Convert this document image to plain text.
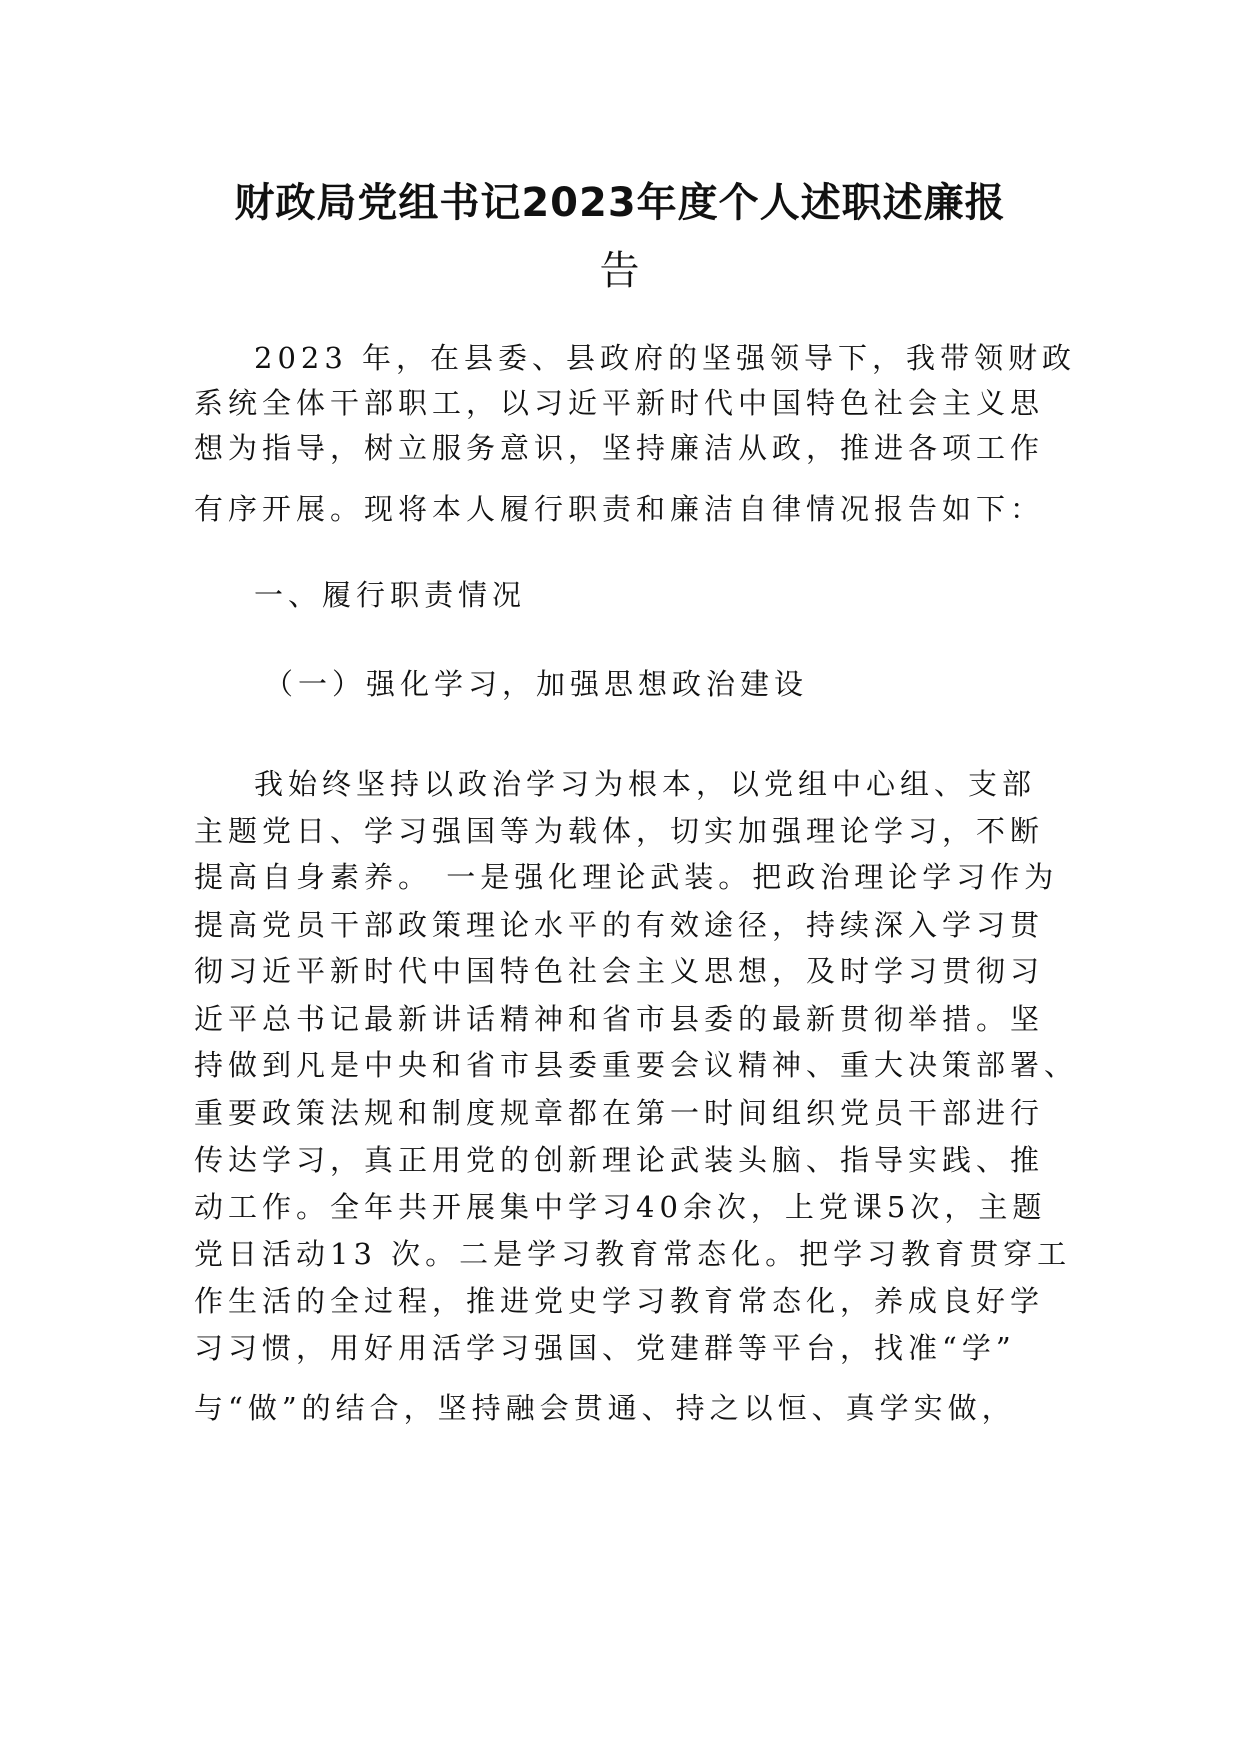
财政局党组书记2023年度个人述职述廉报
告
2023 年，在县委、县政府的坚强领导下，我带领财政
系统全体干部职工，以习近平新时代中国特色社会主义思
想为指导，树立服务意识，坚持廉洁从政，推进各项工作
有序开展。现将本人履行职责和廉洁自律情况报告如下：
一、履行职责情况
（一）强化学习，加强思想政治建设
我始终坚持以政治学习为根本，以党组中心组、支部
主题党日、学习强国等为载体，切实加强理论学习，不断
提高自身素养。 一是强化理论武装。把政治理论学习作为
提高党员干部政策理论水平的有效途径，持续深入学习贯
彻习近平新时代中国特色社会主义思想，及时学习贯彻习
近平总书记最新讲话精神和省市县委的最新贯彻举措。坚
持做到凡是中央和省市县委重要会议精神、重大决策部署、
重要政策法规和制度规章都在第一时间组织党员干部进行
传达学习，真正用党的创新理论武装头脑、指导实践、推
动工作。全年共开展集中学习40余次，上党课5次，主题
党日活动13 次。二是学习教育常态化。把学习教育贯穿工
作生活的全过程，推进党史学习教育常态化，养成良好学
习习惯，用好用活学习强国、党建群等平台，找准“学”
与“做”的结合，坚持融会贯通、持之以恒、真学实做，
